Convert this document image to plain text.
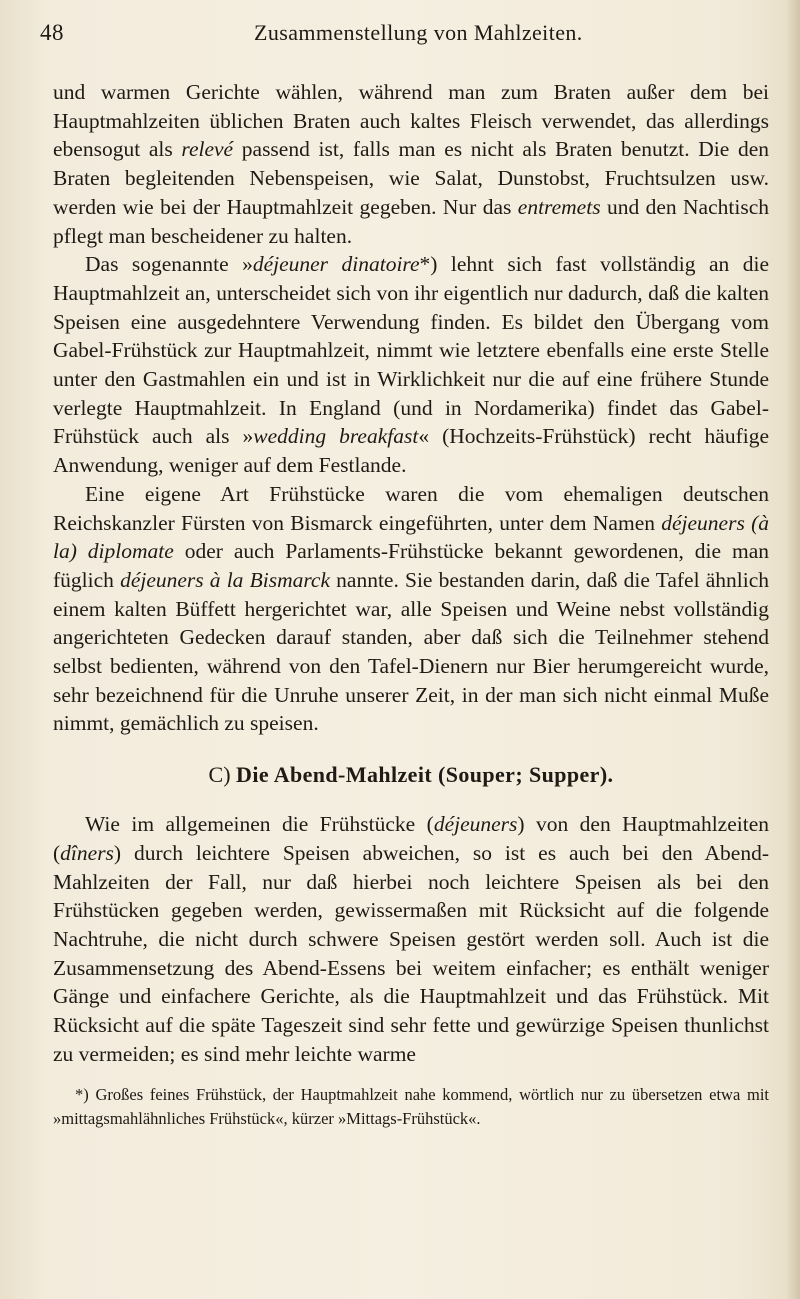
48	Zusammenstellung von Mahlzeiten.

und warmen Gerichte wählen, während man zum Braten außer dem bei Hauptmahlzeiten üblichen Braten auch kaltes Fleisch verwendet, das allerdings ebensogut als relevé passend ist, falls man es nicht als Braten benutzt. Die den Braten begleitenden Nebenspeisen, wie Salat, Dunstobst, Fruchtsulzen usw. werden wie bei der Hauptmahlzeit gegeben. Nur das entremets und den Nachtisch pflegt man bescheidener zu halten.

Das sogenannte »déjeuner dinatoire*) lehnt sich fast vollständig an die Hauptmahlzeit an, unterscheidet sich von ihr eigentlich nur dadurch, daß die kalten Speisen eine ausgedehntere Verwendung finden. Es bildet den Übergang vom Gabel-Frühstück zur Hauptmahlzeit, nimmt wie letztere ebenfalls eine erste Stelle unter den Gastmahlen ein und ist in Wirklichkeit nur die auf eine frühere Stunde verlegte Hauptmahlzeit. In England (und in Nordamerika) findet das Gabel-Frühstück auch als »wedding breakfast« (Hochzeits-Frühstück) recht häufige Anwendung, weniger auf dem Festlande.

Eine eigene Art Frühstücke waren die vom ehemaligen deutschen Reichskanzler Fürsten von Bismarck eingeführten, unter dem Namen déjeuners (à la) diplomate oder auch Parlaments-Frühstücke bekannt gewordenen, die man füglich déjeuners à la Bismarck nannte. Sie bestanden darin, daß die Tafel ähnlich einem kalten Büffett hergerichtet war, alle Speisen und Weine nebst vollständig angerichteten Gedecken darauf standen, aber daß sich die Teilnehmer stehend selbst bedienten, während von den Tafel-Dienern nur Bier herumgereicht wurde, sehr bezeichnend für die Unruhe unserer Zeit, in der man sich nicht einmal Muße nimmt, gemächlich zu speisen.

C) Die Abend-Mahlzeit (Souper; Supper).

Wie im allgemeinen die Frühstücke (déjeuners) von den Hauptmahlzeiten (dîners) durch leichtere Speisen abweichen, so ist es auch bei den Abend-Mahlzeiten der Fall, nur daß hierbei noch leichtere Speisen als bei den Frühstücken gegeben werden, gewissermaßen mit Rücksicht auf die folgende Nachtruhe, die nicht durch schwere Speisen gestört werden soll. Auch ist die Zusammensetzung des Abend-Essens bei weitem einfacher; es enthält weniger Gänge und einfachere Gerichte, als die Hauptmahlzeit und das Frühstück. Mit Rücksicht auf die späte Tageszeit sind sehr fette und gewürzige Speisen thunlichst zu vermeiden; es sind mehr leichte warme

*) Großes feines Frühstück, der Hauptmahlzeit nahe kommend, wörtlich nur zu übersetzen etwa mit »mittagsmahlähnliches Frühstück«, kürzer »Mittags-Frühstück«.
